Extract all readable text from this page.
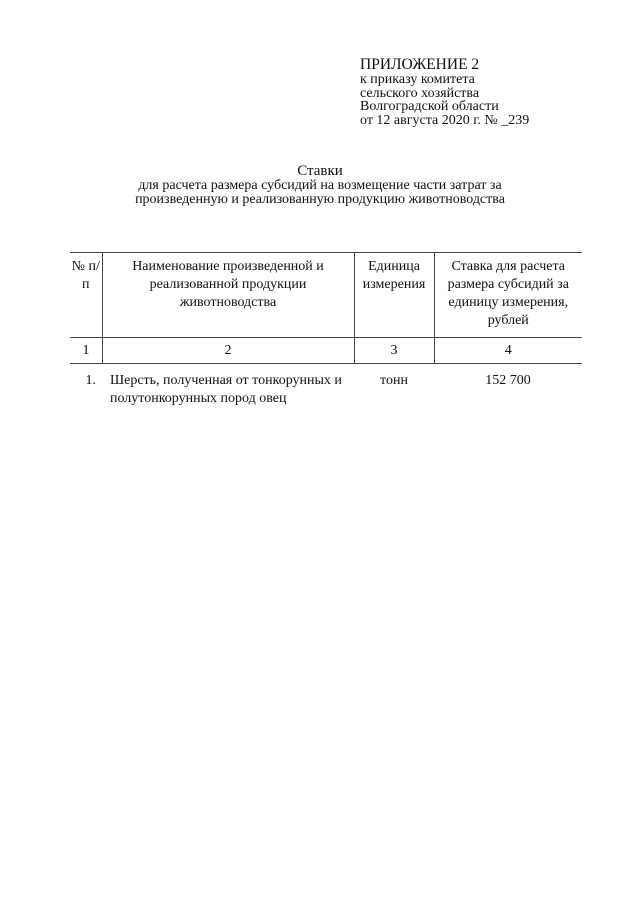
ПРИЛОЖЕНИЕ 2
к приказу комитета
сельского хозяйства
Волгоградской области
от 12 августа 2020 г. № _239
Ставки
для расчета размера субсидий на возмещение части затрат за
произведенную и реализованную продукцию животноводства
№ п/п	Наименование произведенной и реализованной продукции животноводства	Единица измерения	Ставка для расчета размера субсидий за единицу измерения, рублей
1	2	3	4
1.	Шерсть, полученная от тонкорунных и полутонкорунных пород овец	тонн	152 700
